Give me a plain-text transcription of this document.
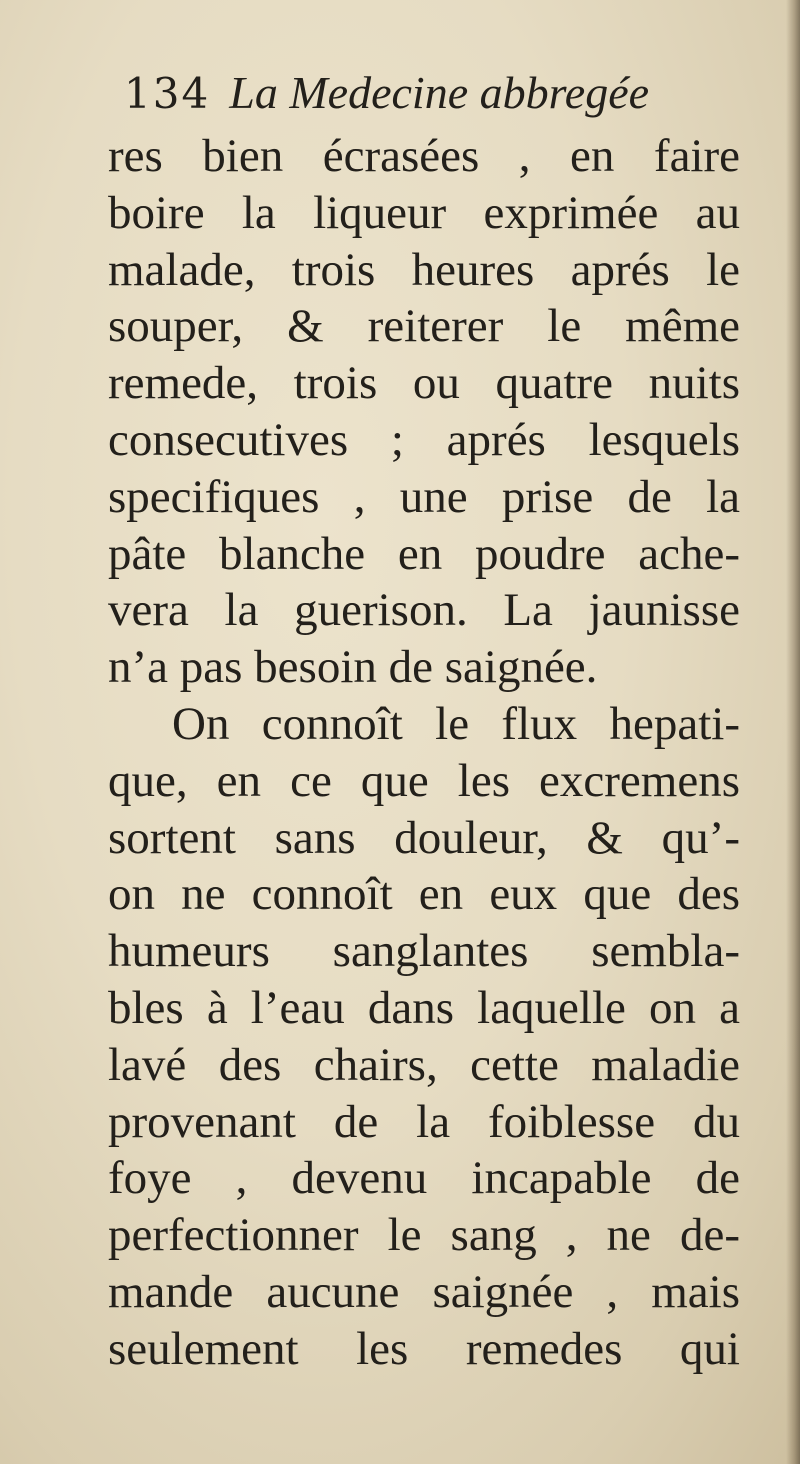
134 La Medecine abbregée
res bien écrasées , en faire
boire la liqueur exprimée au
malade, trois heures aprés le
souper, & reiterer le même
remede, trois ou quatre nuits
consecutives ; aprés lesquels
specifiques , une prise de la
pâte blanche en poudre ache-
vera la guerison. La jaunisse
n’a pas besoin de saignée.
On connoît le flux hepati-
que, en ce que les excremens
sortent sans douleur, & qu’-
on ne connoît en eux que des
humeurs sanglantes sembla-
bles à l’eau dans laquelle on a
lavé des chairs, cette maladie
provenant de la foiblesse du
foye , devenu incapable de
perfectionner le sang , ne de-
mande aucune saignée , mais
seulement les remedes qui
